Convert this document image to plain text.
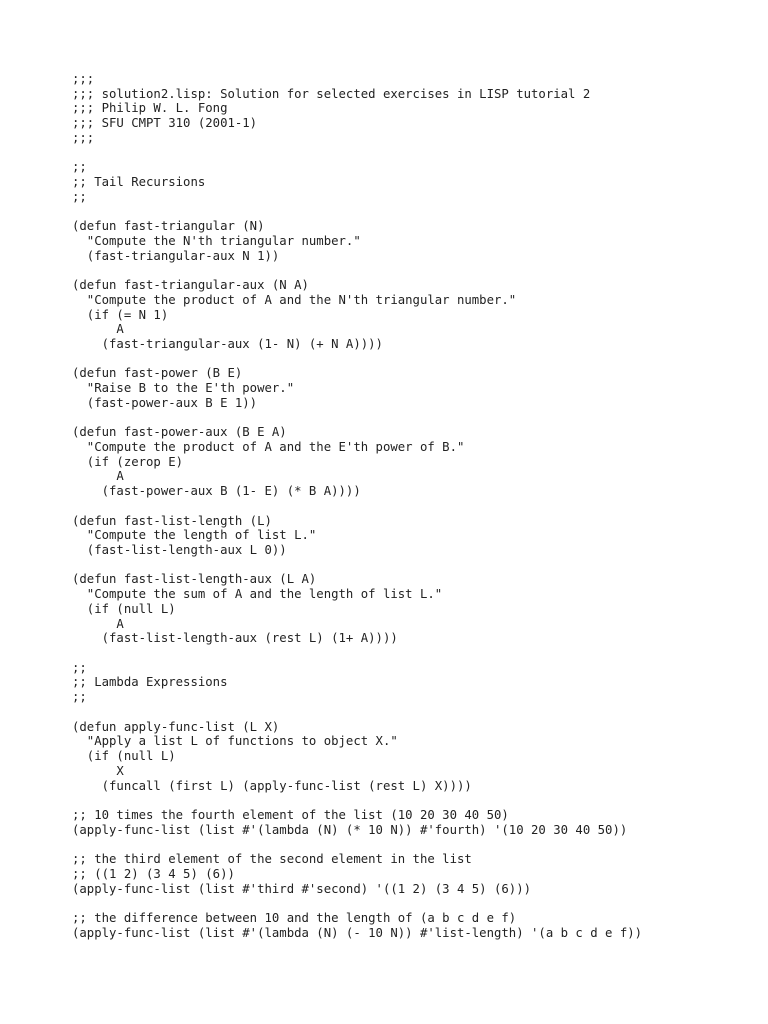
;;;
;;; solution2.lisp: Solution for selected exercises in LISP tutorial 2
;;; Philip W. L. Fong
;;; SFU CMPT 310 (2001-1)
;;;
;;
;; Tail Recursions
;;
(defun fast-triangular (N)
"Compute the N'th triangular number."
(fast-triangular-aux N 1))
(defun fast-triangular-aux (N A)
"Compute the product of A and the N'th triangular number."
(if (= N 1)
A
(fast-triangular-aux (1- N) (+ N A))))
(defun fast-power (B E)
"Raise B to the E'th power."
(fast-power-aux B E 1))
(defun fast-power-aux (B E A)
"Compute the product of A and the E'th power of B."
(if (zerop E)
A
(fast-power-aux B (1- E) (* B A))))
(defun fast-list-length (L)
"Compute the length of list L."
(fast-list-length-aux L 0))
(defun fast-list-length-aux (L A)
"Compute the sum of A and the length of list L."
(if (null L)
A
(fast-list-length-aux (rest L) (1+ A))))
;;
;; Lambda Expressions
;;
(defun apply-func-list (L X)
"Apply a list L of functions to object X."
(if (null L)
X
(funcall (first L) (apply-func-list (rest L) X))))
;; 10 times the fourth element of the list (10 20 30 40 50)
(apply-func-list (list #'(lambda (N) (* 10 N)) #'fourth) '(10 20 30 40 50))
;; the third element of the second element in the list
;; ((1 2) (3 4 5) (6))
(apply-func-list (list #'third #'second) '((1 2) (3 4 5) (6)))
;; the difference between 10 and the length of (a b c d e f)
(apply-func-list (list #'(lambda (N) (- 10 N)) #'list-length) '(a b c d e f))
